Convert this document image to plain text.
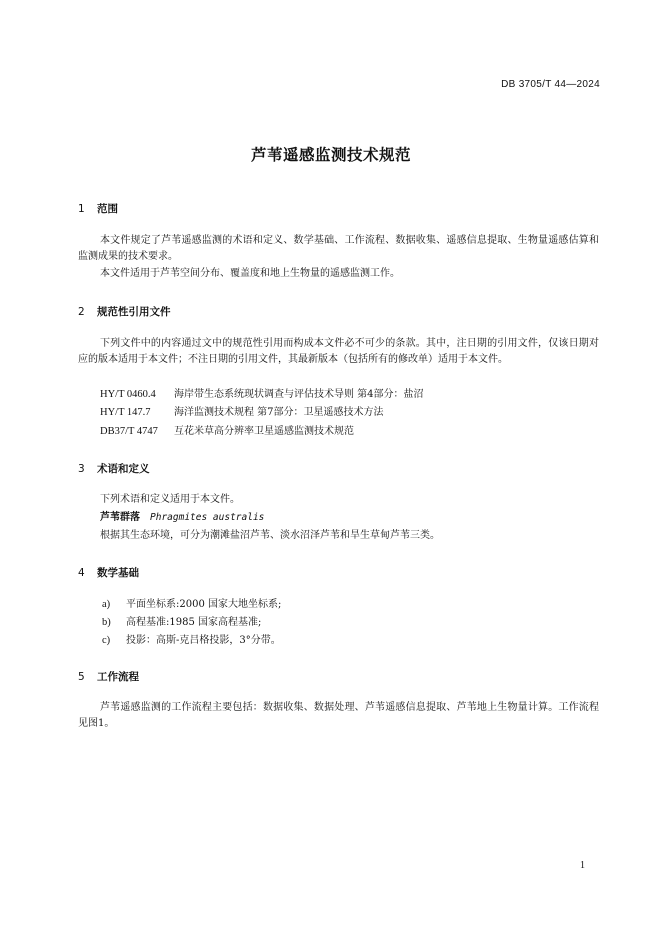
DB 3705/T 44—2024
芦苇遥感监测技术规范
1 范围
本文件规定了芦苇遥感监测的术语和定义、数学基础、工作流程、数据收集、遥感信息提取、生物量遥感估算和监测成果的技术要求。
本文件适用于芦苇空间分布、覆盖度和地上生物量的遥感监测工作。
2 规范性引用文件
下列文件中的内容通过文中的规范性引用而构成本文件必不可少的条款。其中，注日期的引用文件，仅该日期对应的版本适用于本文件；不注日期的引用文件，其最新版本（包括所有的修改单）适用于本文件。
HY/T 0460.4 海岸带生态系统现状调查与评估技术导则 第4部分：盐沼
HY/T 147.7 海洋监测技术规程 第7部分：卫星遥感技术方法
DB37/T 4747 互花米草高分辨率卫星遥感监测技术规范
3 术语和定义
下列术语和定义适用于本文件。
芦苇群落 Phragmites australis
根据其生态环境，可分为潮滩盐沼芦苇、淡水沼泽芦苇和旱生草甸芦苇三类。
4 数学基础
a) 平面坐标系:2000 国家大地坐标系;
b) 高程基准:1985 国家高程基准;
c) 投影：高斯-克吕格投影，3°分带。
5 工作流程
芦苇遥感监测的工作流程主要包括：数据收集、数据处理、芦苇遥感信息提取、芦苇地上生物量计算。工作流程见图1。
1
